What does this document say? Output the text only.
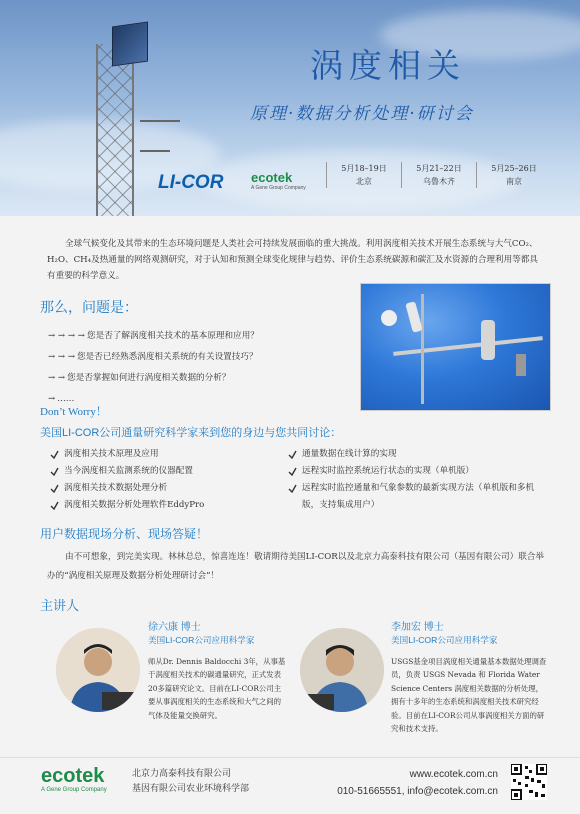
涡度相关
原理·数据分析处理·研讨会
LI-COR ecotek
A Gene Group Company
5月18–19日
北京
5月21–22日
乌鲁木齐
5月25–26日
南京
全球气候变化及其带来的生态环境问题是人类社会可持续发展面临的重大挑战。利用涡度相关技术开展生态系统与大气CO₂、H₂O、CH₄及热通量的网络观测研究，对于认知和预测全球变化规律与趋势、评价生态系统碳源和碳汇及水资源的合理利用等都具有重要的科学意义。
那么，问题是：
→ → → → 您是否了解涡度相关技术的基本原理和应用？
→ → → 您是否已经熟悉涡度相关系统的有关设置技巧？
→ → 您是否掌握如何进行涡度相关数据的分析？
→ ……
Don’t Worry！
美国LI-COR公司通量研究科学家来到您的身边与您共同讨论：
涡度相关技术原理及应用
当今涡度相关监测系统的仪器配置
涡度相关技术数据处理分析
涡度相关数据分析处理软件EddyPro
通量数据在线计算的实现
远程实时监控系统运行状态的实现（单机版）
远程实时监控通量和气象参数的最新实现方法（单机版和多机版，支持集成用户）
用户数据现场分析、现场答疑！
由不可想象，到完美实现。林林总总，惊喜连连！敬请期待美国LI-COR以及北京力高泰科技有限公司（基因有限公司）联合举办的“涡度相关原理及数据分析处理研讨会”！
主讲人
徐六康 博士
美国LI-COR公司应用科学家
师从Dr. Dennis Baldocchi 3年，从事基于涡度相关技术的碳通量研究，正式发表20多篇研究论文。目前在LI-COR公司主要从事涡度相关的生态系统和大气之间的气体及能量交换研究。
李加宏 博士
美国LI-COR公司应用科学家
USGS基金项目涡度相关通量基本数据处理调查员，负责 USGS Nevada 和 Florida Water Science Centers 涡度相关数据的分析处理，拥有十多年的生态系统和涡度相关技术研究经验。目前在LI-COR公司从事涡度相关方面的研究和技术支持。
ecotek
A Gene Group Company
北京力高泰科技有限公司
基因有限公司农业环境科学部
www.ecotek.com.cn
010-51665551, info@ecotek.com.cn
